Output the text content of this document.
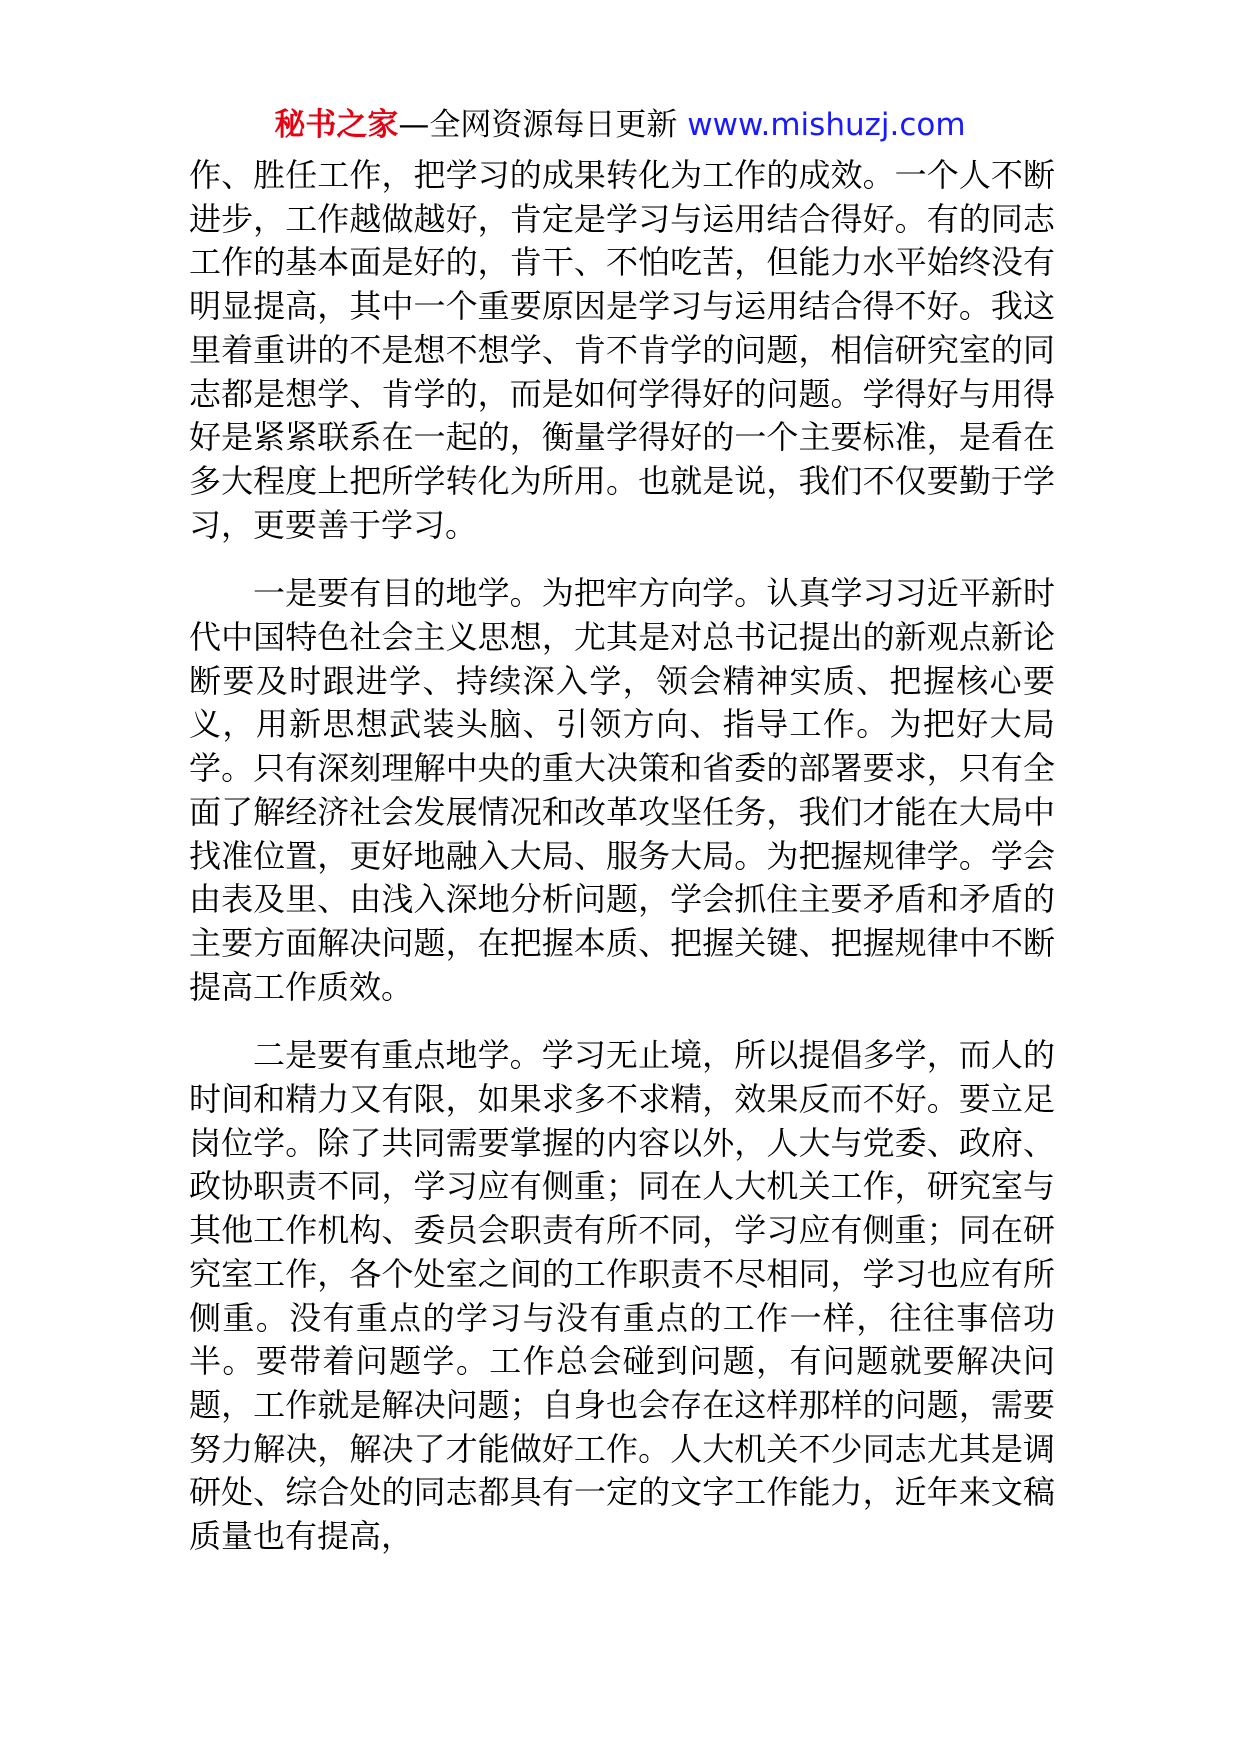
秘书之家—全网资源每日更新 www.mishuzj.com

作、胜任工作，把学习的成果转化为工作的成效。一个人不断进步，工作越做越好，肯定是学习与运用结合得好。有的同志工作的基本面是好的，肯干、不怕吃苦，但能力水平始终没有明显提高，其中一个重要原因是学习与运用结合得不好。我这里着重讲的不是想不想学、肯不肯学的问题，相信研究室的同志都是想学、肯学的，而是如何学得好的问题。学得好与用得好是紧紧联系在一起的，衡量学得好的一个主要标准，是看在多大程度上把所学转化为所用。也就是说，我们不仅要勤于学习，更要善于学习。

一是要有目的地学。为把牢方向学。认真学习习近平新时代中国特色社会主义思想，尤其是对总书记提出的新观点新论断要及时跟进学、持续深入学，领会精神实质、把握核心要义，用新思想武装头脑、引领方向、指导工作。为把好大局学。只有深刻理解中央的重大决策和省委的部署要求，只有全面了解经济社会发展情况和改革攻坚任务，我们才能在大局中找准位置，更好地融入大局、服务大局。为把握规律学。学会由表及里、由浅入深地分析问题，学会抓住主要矛盾和矛盾的主要方面解决问题，在把握本质、把握关键、把握规律中不断提高工作质效。

二是要有重点地学。学习无止境，所以提倡多学，而人的时间和精力又有限，如果求多不求精，效果反而不好。要立足岗位学。除了共同需要掌握的内容以外，人大与党委、政府、政协职责不同，学习应有侧重；同在人大机关工作，研究室与其他工作机构、委员会职责有所不同，学习应有侧重；同在研究室工作，各个处室之间的工作职责不尽相同，学习也应有所侧重。没有重点的学习与没有重点的工作一样，往往事倍功半。要带着问题学。工作总会碰到问题，有问题就要解决问题，工作就是解决问题；自身也会存在这样那样的问题，需要努力解决，解决了才能做好工作。人大机关不少同志尤其是调研处、综合处的同志都具有一定的文字工作能力，近年来文稿质量也有提高，
